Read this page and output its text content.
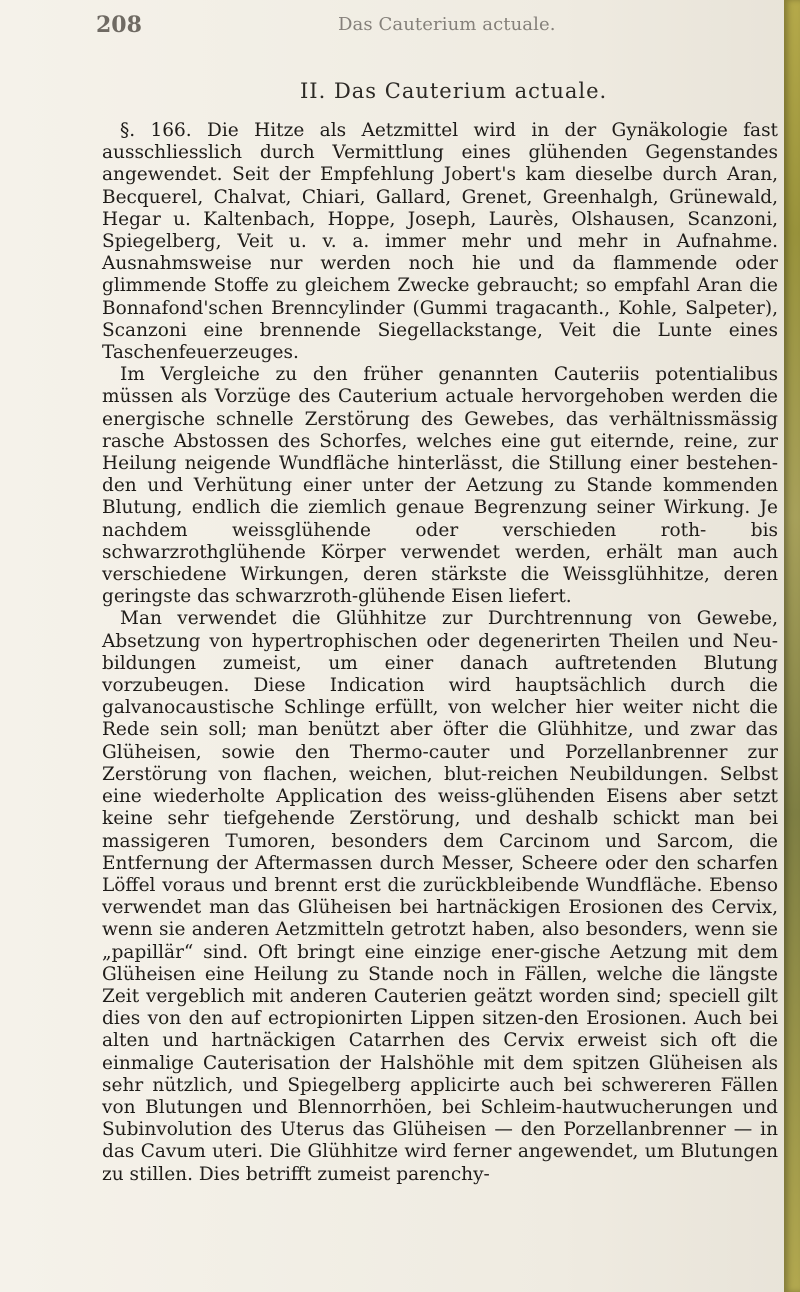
208	Das Cauterium actuale.
II. Das Cauterium actuale.

§. 166. Die Hitze als Aetzmittel wird in der Gynäkologie fast ausschliesslich durch Vermittlung eines glühenden Gegenstandes angewendet. Seit der Empfehlung Jobert's kam dieselbe durch Aran, Becquerel, Chalvat, Chiari, Gallard, Grenet, Greenhalgh, Grünewald, Hegar u. Kaltenbach, Hoppe, Joseph, Laurès, Olshausen, Scanzoni, Spiegelberg, Veit u. v. a. immer mehr und mehr in Aufnahme. Ausnahmsweise nur werden noch hie und da flammende oder glimmende Stoffe zu gleichem Zwecke gebraucht; so empfahl Aran die Bonnafond'schen Brenncylinder (Gummi tragacanth., Kohle, Salpeter), Scanzoni eine brennende Siegellackstange, Veit die Lunte eines Taschenfeuerzeuges.

Im Vergleiche zu den früher genannten Cauteriis potentialibus müssen als Vorzüge des Cauterium actuale hervorgehoben werden die energische schnelle Zerstörung des Gewebes, das verhältnissmässig rasche Abstossen des Schorfes, welches eine gut eiternde, reine, zur Heilung neigende Wundfläche hinterlässt, die Stillung einer bestehen-den und Verhütung einer unter der Aetzung zu Stande kommenden Blutung, endlich die ziemlich genaue Begrenzung seiner Wirkung. Je nachdem weissglühende oder verschieden roth- bis schwarzrothglühende Körper verwendet werden, erhält man auch verschiedene Wirkungen, deren stärkste die Weissglühhitze, deren geringste das schwarzroth-glühende Eisen liefert.

Man verwendet die Glühhitze zur Durchtrennung von Gewebe, Absetzung von hypertrophischen oder degenerirten Theilen und Neu-bildungen zumeist, um einer danach auftretenden Blutung vorzubeugen. Diese Indication wird hauptsächlich durch die galvanocaustische Schlinge erfüllt, von welcher hier weiter nicht die Rede sein soll; man benützt aber öfter die Glühhitze, und zwar das Glüheisen, sowie den Thermo-cauter und Porzellanbrenner zur Zerstörung von flachen, weichen, blut-reichen Neubildungen. Selbst eine wiederholte Application des weiss-glühenden Eisens aber setzt keine sehr tiefgehende Zerstörung, und deshalb schickt man bei massigeren Tumoren, besonders dem Carcinom und Sarcom, die Entfernung der Aftermassen durch Messer, Scheere oder den scharfen Löffel voraus und brennt erst die zurückbleibende Wundfläche. Ebenso verwendet man das Glüheisen bei hartnäckigen Erosionen des Cervix, wenn sie anderen Aetzmitteln getrotzt haben, also besonders, wenn sie „papillär“ sind. Oft bringt eine einzige ener-gische Aetzung mit dem Glüheisen eine Heilung zu Stande noch in Fällen, welche die längste Zeit vergeblich mit anderen Cauterien geätzt worden sind; speciell gilt dies von den auf ectropionirten Lippen sitzen-den Erosionen. Auch bei alten und hartnäckigen Catarrhen des Cervix erweist sich oft die einmalige Cauterisation der Halshöhle mit dem spitzen Glüheisen als sehr nützlich, und Spiegelberg applicirte auch bei schwereren Fällen von Blutungen und Blennorrhöen, bei Schleim-hautwucherungen und Subinvolution des Uterus das Glüheisen — den Porzellanbrenner — in das Cavum uteri. Die Glühhitze wird ferner angewendet, um Blutungen zu stillen. Dies betrifft zumeist parenchy-
